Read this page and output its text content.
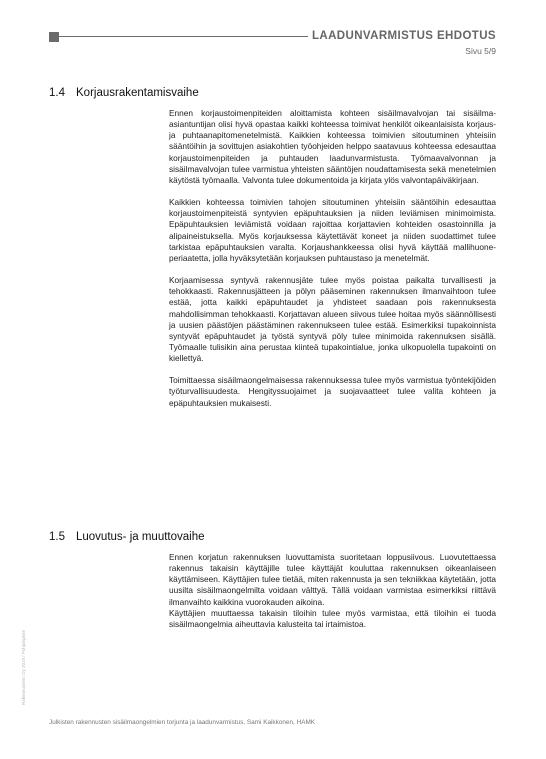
LAADUNVARMISTUS EHDOTUS
Sivu 5/9
1.4 Korjausrakentamisvaihe

Ennen korjaustoimenpiteiden aloittamista kohteen sisäilmavalvojan tai sisäilma-asiantuntijan olisi hyvä opastaa kaikki kohteessa toimivat henkilöt oikeanlaisista korjaus- ja puhtaanapitomenetelmistä. Kaikkien kohteessa toimivien sitoutuminen yhteisiin sääntöihin ja sovittujen asiakohtien työohjeiden helppo saatavuus kohteessa edesauttaa korjaustoimenpiteiden ja puhtauden laadunvarmistusta. Työmaavalvonnan ja sisäilmavalvojan tulee varmistua yhteisten sääntöjen noudattamisesta sekä menetelmien käytöstä työmaalla. Valvonta tulee dokumentoida ja kirjata ylös valvontapäiväkirjaan.

Kaikkien kohteessa toimivien tahojen sitoutuminen yhteisiin sääntöihin edesauttaa korjaustoimenpiteistä syntyvien epäpuhtauksien ja niiden leviämisen minimoimista. Epäpuhtauksien leviämistä voidaan rajoittaa korjattavien kohteiden osastoinnilla ja alipaineistuksella. Myös korjauksessa käytettävät koneet ja niiden suodattimet tulee tarkistaa epäpuhtauksien varalta. Korjaushankkeessa olisi hyvä käyttää mallihuone-periaatetta, jolla hyväksytetään korjauksen puhtaustaso ja menetelmät.

Korjaamisessa syntyvä rakennusjäte tulee myös poistaa paikalta turvallisesti ja tehokkaasti. Rakennusjätteen ja pölyn pääseminen rakennuksen ilmanvaihtoon tulee estää, jotta kaikki epäpuhtaudet ja yhdisteet saadaan pois rakennuksesta mahdollisimman tehokkaasti. Korjattavan alueen siivous tulee hoitaa myös säännöllisesti ja uusien päästöjen päästäminen rakennukseen tulee estää. Esimerkiksi tupakoinnista syntyvät epäpuhtaudet ja työstä syntyvä pöly tulee minimoida rakennuksen sisällä. Työmaalle tulisikin aina perustaa kiinteä tupakointialue, jonka ulkopuolella tupakointi on kiellettyä.

Toimittaessa sisäilmaongelmaisessa rakennuksessa tulee myös varmistua työntekijöiden työturvallisuudesta. Hengityssuojaimet ja suojavaatteet tulee valita kohteen ja epäpuhtauksien mukaisesti.

1.5 Luovutus- ja muuttovaihe

Ennen korjatun rakennuksen luovuttamista suoritetaan loppusiivous. Luovutettaessa rakennus takaisin käyttäjille tulee käyttäjät kouluttaa rakennuksen oikeanlaiseen käyttämiseen. Käyttäjien tulee tietää, miten rakennusta ja sen tekniikkaa käytetään, jotta uusilta sisäilmaongelmilta voidaan välttyä. Tällä voidaan varmistaa esimerkiksi riittävä ilmanvaihto kaikkina vuorokauden aikoina.

Käyttäjien muuttaessa takaisin tiloihin tulee myös varmistaa, että tiloihin ei tuoda sisäilmaongelmia aiheuttavia kalusteita tai irtaimistoa.

Rakennustieto Oy 2019 / Pohjoispiste
Julkisten rakennusten sisäilmaongelmien torjunta ja laadunvarmistus, Sami Kaikkonen, HAMK
